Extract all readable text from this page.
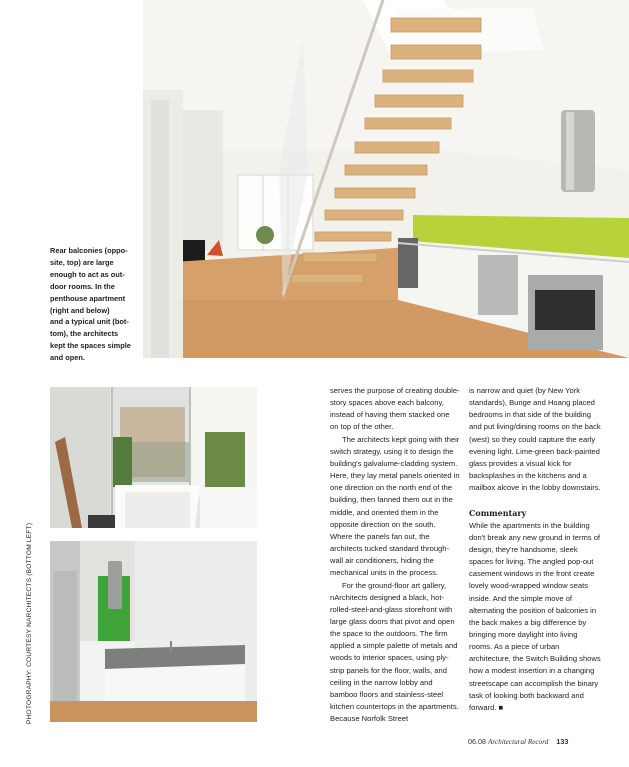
Rear balconies (oppo-
site, top) are large
enough to act as out-
door rooms. In the
penthouse apartment
(right and below)
and a typical unit (bot-
tom), the architects
kept the spaces simple
and open.
PHOTOGRAPHY: COURTESY NARCHITECTS (BOTTOM LEFT)

serves the purpose of creating double-story spaces above each balcony, instead of having them stacked one on top of the other.

The architects kept going with their switch strategy, using it to design the building's galvalume-cladding system. Here, they lay metal panels oriented in one direction on the north end of the building, then fanned them out in the middle, and oriented them in the opposite direction on the south. Where the panels fan out, the architects tucked standard through-wall air conditioners, hiding the mechanical units in the process.

For the ground-floor art gallery, nArchitects designed a black, hot-rolled-steel-and-glass storefront with large glass doors that pivot and open the space to the outdoors. The firm applied a simple palette of metals and woods to interior spaces, using ply-strip panels for the floor, walls, and ceiling in the narrow lobby and bamboo floors and stainless-steel kitchen countertops in the apartments. Because Norfolk Street

is narrow and quiet (by New York standards), Bunge and Hoang placed bedrooms in that side of the building and put living/dining rooms on the back (west) so they could capture the early evening light. Lime-green back-painted glass provides a visual kick for backsplashes in the kitchens and a mailbox alcove in the lobby downstairs.

Commentary

While the apartments in the building don't break any new ground in terms of design, they're handsome, sleek spaces for living. The angled pop-out casement windows in the front create lovely wood-wrapped window seats inside. And the simple move of alternating the position of balconies in the back makes a big difference by bringing more daylight into living rooms. As a piece of urban architecture, the Switch Building shows how a modest insertion in a changing streetscape can accomplish the binary task of looking both backward and forward. ■

06.08 Architectural Record 133
